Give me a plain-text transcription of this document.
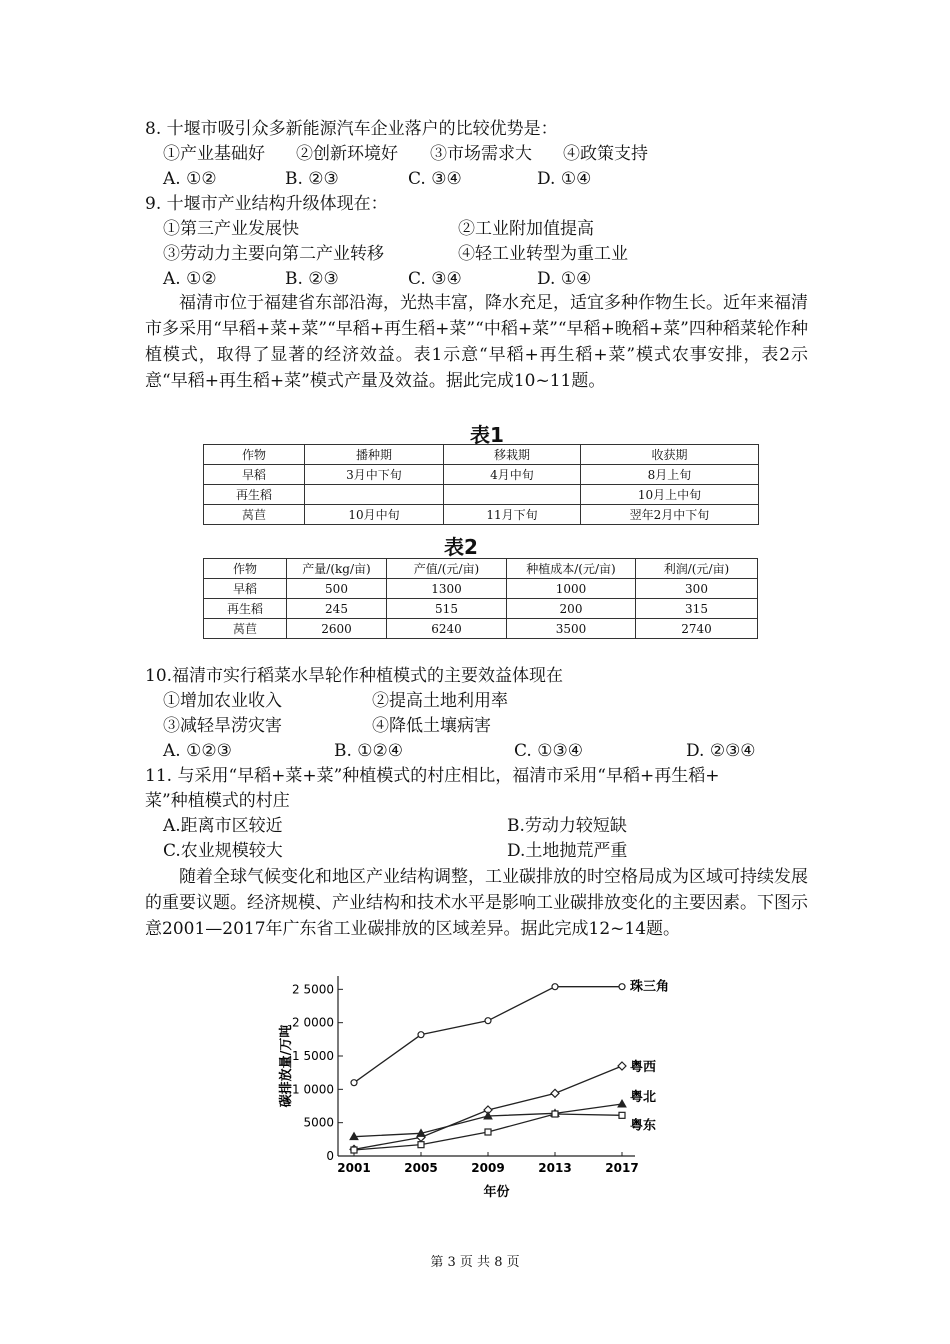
8. 十堰市吸引众多新能源汽车企业落户的比较优势是：
①产业基础好 ②创新环境好 ③市场需求大 ④政策支持
A. ①②	B. ②③	C. ③④	D. ①④
9. 十堰市产业结构升级体现在：
①第三产业发展快	②工业附加值提高
③劳动力主要向第二产业转移	④轻工业转型为重工业
A. ①②	B. ②③	C. ③④	D. ①④
福清市位于福建省东部沿海，光热丰富，降水充足，适宜多种作物生长。近年来福清市多采用“早稻+菜+菜”“早稻+再生稻+菜”“中稻+菜”“早稻+晚稻+菜”四种稻菜轮作种植模式，取得了显著的经济效益。表1示意“早稻+再生稻+菜”模式农事安排，表2示意“早稻+再生稻+菜”模式产量及效益。据此完成10~11题。
表1
作物	播种期	移栽期	收获期
早稻	3月中下旬	4月中旬	8月上旬
再生稻			10月上中旬
莴苣	10月中旬	11月下旬	翌年2月中下旬
表2
作物	产量/(kg/亩)	产值/(元/亩)	种植成本/(元/亩)	利润/(元/亩)
早稻	500	1300	1000	300
再生稻	245	515	200	315
莴苣	2600	6240	3500	2740
10.福清市实行稻菜水旱轮作种植模式的主要效益体现在
①增加农业收入	②提高土地利用率
③减轻旱涝灾害	④降低土壤病害
A. ①②③	B. ①②④	C. ①③④	D. ②③④
11. 与采用“早稻+菜+菜”种植模式的村庄相比，福清市采用“早稻+再生稻+
菜”种植模式的村庄
A.距离市区较近	B.劳动力较短缺
C.农业规模较大	D.土地抛荒严重
随着全球气候变化和地区产业结构调整，工业碳排放的时空格局成为区域可持续发展的重要议题。经济规模、产业结构和技术水平是影响工业碳排放变化的主要因素。下图示意2001—2017年广东省工业碳排放的区域差异。据此完成12~14题。
0
5000
1 0000
1 5000
2 0000
2 5000
2001	2005	2009	2013	2017
年份
碳排放量/万吨
珠三角
粤西
粤北
粤东
第 3 页 共 8 页
